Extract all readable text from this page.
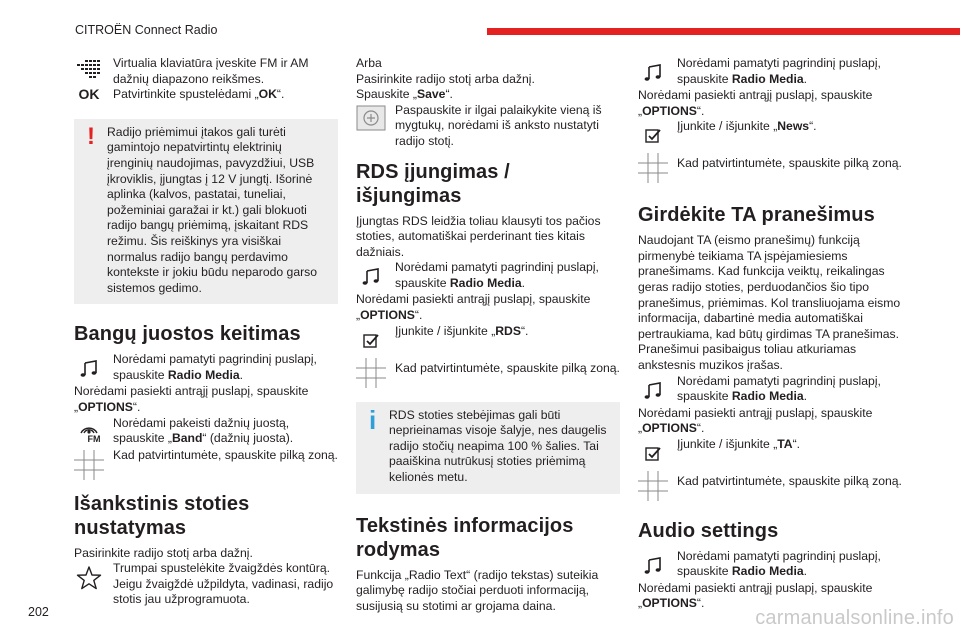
CITROËN Connect Radio
OK
Virtualia klaviatūra įveskite FM ir AM dažnių diapazono reikšmes.
Patvirtinkite spustelėdami „OK“.
! Radijo priėmimui įtakos gali turėti gamintojo nepatvirtintų elektrinių įrenginių naudojimas, pavyzdžiui, USB įkroviklis, įjungtas į 12 V jungtį. Išorinė aplinka (kalvos, pastatai, tuneliai, požeminiai garažai ir kt.) gali blokuoti radijo bangų priėmimą, įskaitant RDS režimu. Šis reiškinys yra visiškai normalus radijo bangų perdavimo kontekste ir jokiu būdu neparodo garso sistemos gedimo.
Bangų juostos keitimas
Norėdami pamatyti pagrindinį puslapį, spauskite Radio Media.
Norėdami pasiekti antrąjį puslapį, spauskite „OPTIONS“.
FM
Norėdami pakeisti dažnių juostą, spauskite „Band“ (dažnių juosta).
Kad patvirtintumėte, spauskite pilką zoną.
Išankstinis stoties nustatymas
Pasirinkite radijo stotį arba dažnį.
Trumpai spustelėkite žvaigždės kontūrą. Jeigu žvaigždė užpildyta, vadinasi, radijo stotis jau užprogramuota.
Arba
Pasirinkite radijo stotį arba dažnį.
Spauskite „Save“.
Paspauskite ir ilgai palaikykite vieną iš mygtukų, norėdami iš anksto nustatyti radijo stotį.
RDS įjungimas / išjungimas
Įjungtas RDS leidžia toliau klausyti tos pačios stoties, automatiškai perderinant ties kitais dažniais.
Norėdami pamatyti pagrindinį puslapį, spauskite Radio Media.
Norėdami pasiekti antrąjį puslapį, spauskite „OPTIONS“.
Įjunkite / išjunkite „RDS“.
Kad patvirtintumėte, spauskite pilką zoną.
i RDS stoties stebėjimas gali būti neprieinamas visoje šalyje, nes daugelis radijo stočių neapima 100 % šalies. Tai paaiškina nutrūkusį stoties priėmimą kelionės metu.
Tekstinės informacijos rodymas
Funkcija „Radio Text“ (radijo tekstas) suteikia galimybę radijo stočiai perduoti informaciją, susijusią su stotimi ar grojama daina.
Norėdami pamatyti pagrindinį puslapį, spauskite Radio Media.
Norėdami pasiekti antrąjį puslapį, spauskite „OPTIONS“.
Įjunkite / išjunkite „News“.
Kad patvirtintumėte, spauskite pilką zoną.
Girdėkite TA pranešimus
Naudojant TA (eismo pranešimų) funkciją pirmenybė teikiama TA įspėjamiesiems pranešimams. Kad funkcija veiktų, reikalingas geras radijo stoties, perduodančios šio tipo pranešimus, priėmimas. Kol transliuojama eismo informacija, dabartinė media automatiškai pertraukiama, kad būtų girdimas TA pranešimas. Pranešimui pasibaigus toliau atkuriamas ankstesnis muzikos įrašas.
Norėdami pamatyti pagrindinį puslapį, spauskite Radio Media.
Norėdami pasiekti antrąjį puslapį, spauskite „OPTIONS“.
Įjunkite / išjunkite „TA“.
Kad patvirtintumėte, spauskite pilką zoną.
Audio settings
Norėdami pamatyti pagrindinį puslapį, spauskite Radio Media.
Norėdami pasiekti antrąjį puslapį, spauskite „OPTIONS“.
202	carmanualsonline.info
